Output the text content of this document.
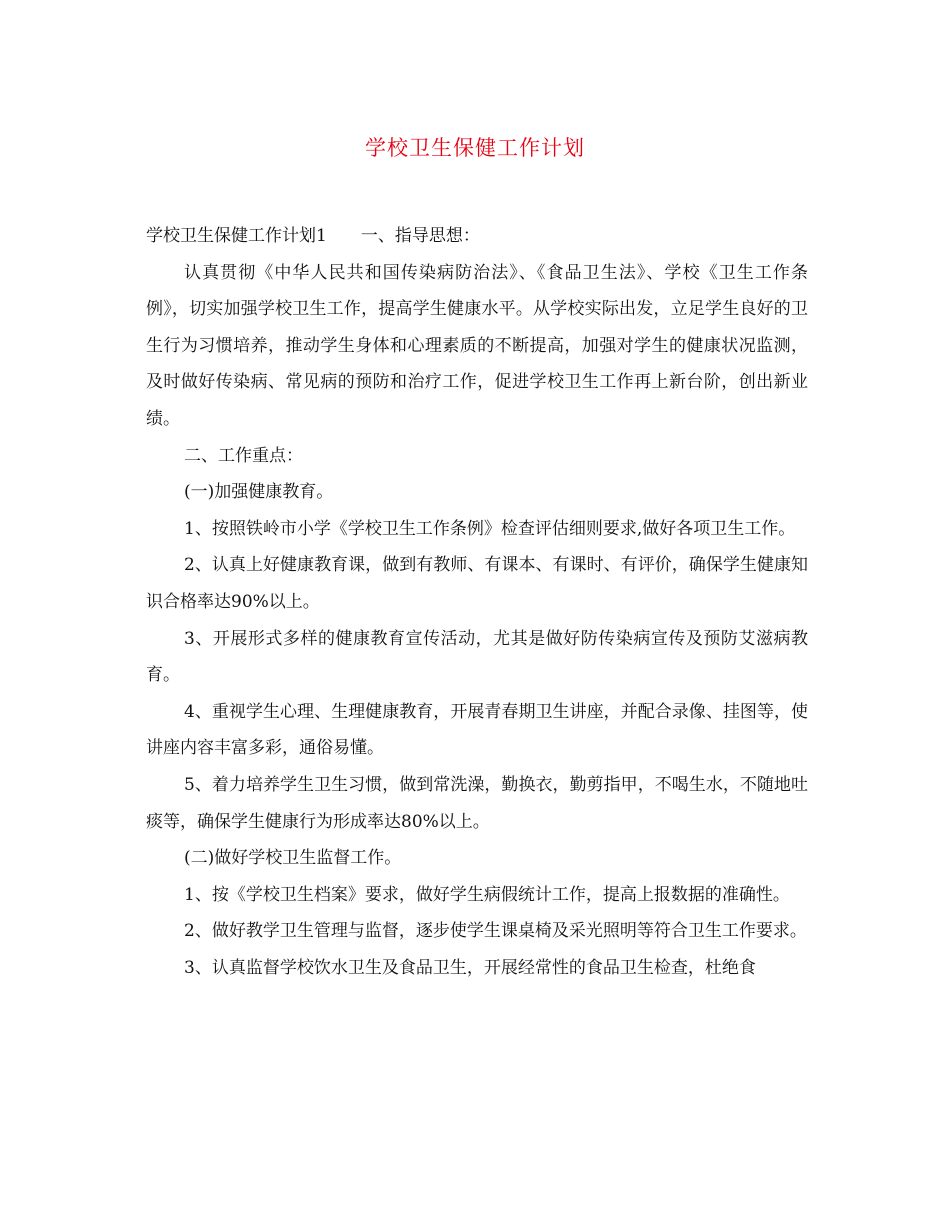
学校卫生保健工作计划

学校卫生保健工作计划1 一、指导思想：

认真贯彻《中华人民共和国传染病防治法》、《食品卫生法》、学校《卫生工作条例》，切实加强学校卫生工作，提高学生健康水平。从学校实际出发，立足学生良好的卫生行为习惯培养，推动学生身体和心理素质的不断提高，加强对学生的健康状况监测，及时做好传染病、常见病的预防和治疗工作，促进学校卫生工作再上新台阶，创出新业绩。

二、工作重点：

(一)加强健康教育。

1、按照铁岭市小学《学校卫生工作条例》检查评估细则要求,做好各项卫生工作。

2、认真上好健康教育课，做到有教师、有课本、有课时、有评价，确保学生健康知识合格率达90%以上。

3、开展形式多样的健康教育宣传活动，尤其是做好防传染病宣传及预防艾滋病教育。

4、重视学生心理、生理健康教育，开展青春期卫生讲座，并配合录像、挂图等，使讲座内容丰富多彩，通俗易懂。

5、着力培养学生卫生习惯，做到常洗澡，勤换衣，勤剪指甲，不喝生水，不随地吐痰等，确保学生健康行为形成率达80%以上。

(二)做好学校卫生监督工作。

1、按《学校卫生档案》要求，做好学生病假统计工作，提高上报数据的准确性。

2、做好教学卫生管理与监督，逐步使学生课桌椅及采光照明等符合卫生工作要求。

3、认真监督学校饮水卫生及食品卫生，开展经常性的食品卫生检查，杜绝食
